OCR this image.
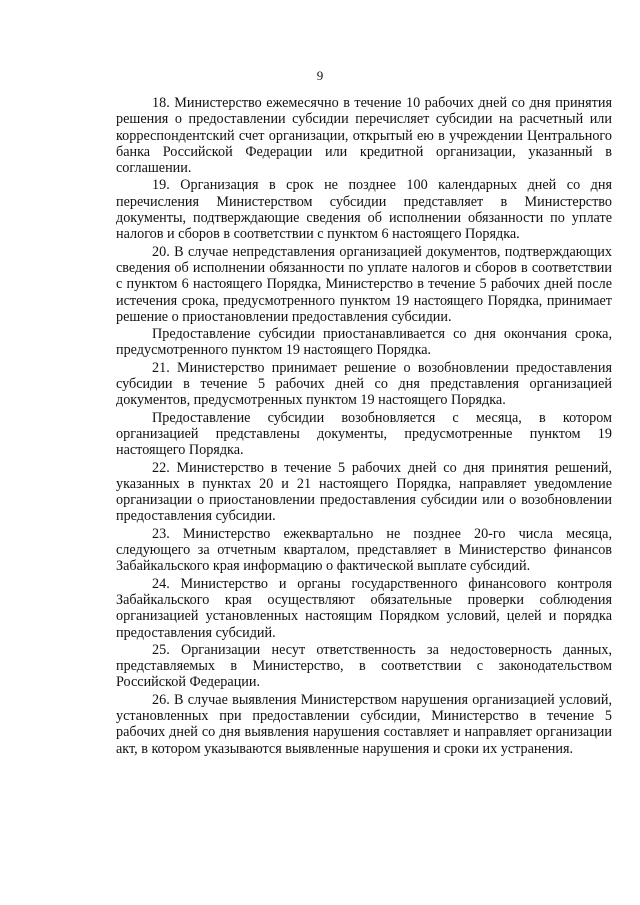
9

18. Министерство ежемесячно в течение 10 рабочих дней со дня принятия решения о предоставлении субсидии перечисляет субсидии на расчетный или корреспондентский счет организации, открытый ею в учреждении Центрального банка Российской Федерации или кредитной организации, указанный в соглашении.

19. Организация в срок не позднее 100 календарных дней со дня перечисления Министерством субсидии представляет в Министерство документы, подтверждающие сведения об исполнении обязанности по уплате налогов и сборов в соответствии с пунктом 6 настоящего Порядка.

20. В случае непредставления организацией документов, подтверждающих сведения об исполнении обязанности по уплате налогов и сборов в соответствии с пунктом 6 настоящего Порядка, Министерство в течение 5 рабочих дней после истечения срока, предусмотренного пунктом 19 настоящего Порядка, принимает решение о приостановлении предоставления субсидии.

Предоставление субсидии приостанавливается со дня окончания срока, предусмотренного пунктом 19 настоящего Порядка.

21. Министерство принимает решение о возобновлении предоставления субсидии в течение 5 рабочих дней со дня представления организацией документов, предусмотренных пунктом 19 настоящего Порядка.

Предоставление субсидии возобновляется с месяца, в котором организацией представлены документы, предусмотренные пунктом 19 настоящего Порядка.

22. Министерство в течение 5 рабочих дней со дня принятия решений, указанных в пунктах 20 и 21 настоящего Порядка, направляет уведомление организации о приостановлении предоставления субсидии или о возобновлении предоставления субсидии.

23. Министерство ежеквартально не позднее 20-го числа месяца, следующего за отчетным кварталом, представляет в Министерство финансов Забайкальского края информацию о фактической выплате субсидий.

24. Министерство и органы государственного финансового контроля Забайкальского края осуществляют обязательные проверки соблюдения организацией установленных настоящим Порядком условий, целей и порядка предоставления субсидий.

25. Организации несут ответственность за недостоверность данных, представляемых в Министерство, в соответствии с законодательством Российской Федерации.

26. В случае выявления Министерством нарушения организацией условий, установленных при предоставлении субсидии, Министерство в течение 5 рабочих дней со дня выявления нарушения составляет и направляет организации акт, в котором указываются выявленные нарушения и сроки их устранения.
